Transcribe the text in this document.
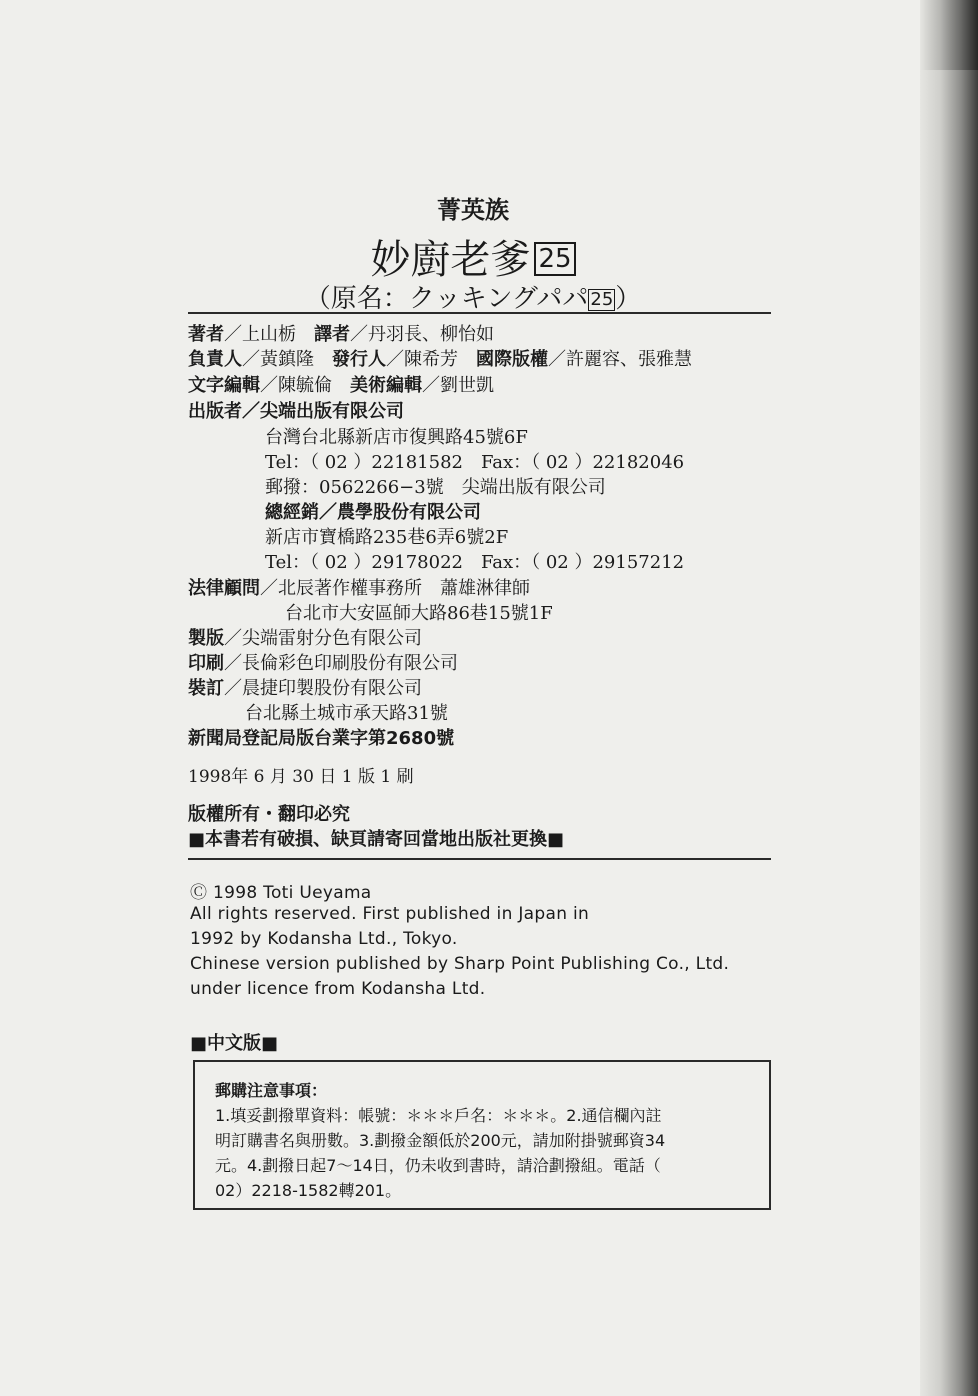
菁英族
妙廚老爹 25
（原名：クッキングパパ 25）
著者／上山栃　譯者／丹羽長、柳怡如
負責人／黃鎮隆　發行人／陳希芳　國際版權／許麗容、張雅慧
文字編輯／陳毓倫　美術編輯／劉世凱
出版者／尖端出版有限公司
台灣台北縣新店市復興路45號6F
Tel：（ 02 ）22181582　Fax：（ 02 ）22182046
郵撥：0562266−3號　尖端出版有限公司
總經銷／農學股份有限公司
新店市寶橋路235巷6弄6號2F
Tel：（ 02 ）29178022　Fax：（ 02 ）29157212
法律顧問／北辰著作權事務所　蕭雄淋律師
台北市大安區師大路86巷15號1F
製版／尖端雷射分色有限公司
印刷／長倫彩色印刷股份有限公司
裝訂／晨捷印製股份有限公司
台北縣土城市承天路31號
新聞局登記局版台業字第2680號
1998年 6 月 30 日 1 版 1 刷
版權所有・翻印必究
■本書若有破損、缺頁請寄回當地出版社更換■
Ⓒ 1998 Toti Ueyama
All rights reserved. First published in Japan in
1992 by Kodansha Ltd., Tokyo.
Chinese version published by Sharp Point Publishing Co., Ltd.
under licence from Kodansha Ltd.
■中文版■
郵購注意事項：
1.填妥劃撥單資料：帳號：＊＊＊戶名：＊＊＊。2.通信欄內註
明訂購書名與册數。3.劃撥金額低於200元，請加附掛號郵資34
元。4.劃撥日起7～14日，仍未收到書時，請洽劃撥組。電話（
02）2218-1582轉201。
